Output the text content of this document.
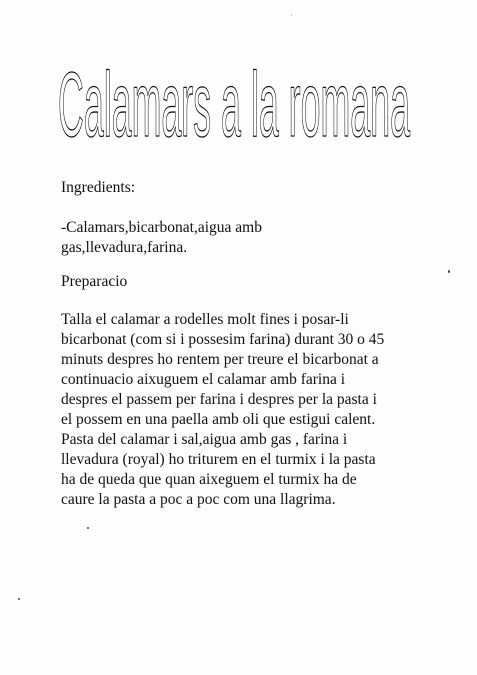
Calamars a la romana
Ingredients:
-Calamars,bicarbonat,aigua amb
gas,llevadura,farina.
Preparacio
Talla el calamar a rodelles molt fines i posar-li
bicarbonat (com si i possesim farina) durant 30 o 45
minuts despres ho rentem per treure el bicarbonat a
continuacio aixuguem el calamar amb farina i
despres el passem per farina i despres per la pasta i
el possem en una paella amb oli que estigui calent.
Pasta del calamar i sal,aigua amb gas , farina i
llevadura (royal) ho triturem en el turmix i la pasta
ha de queda que quan aixeguem el turmix ha de
caure la pasta a poc a poc com una llagrima.
